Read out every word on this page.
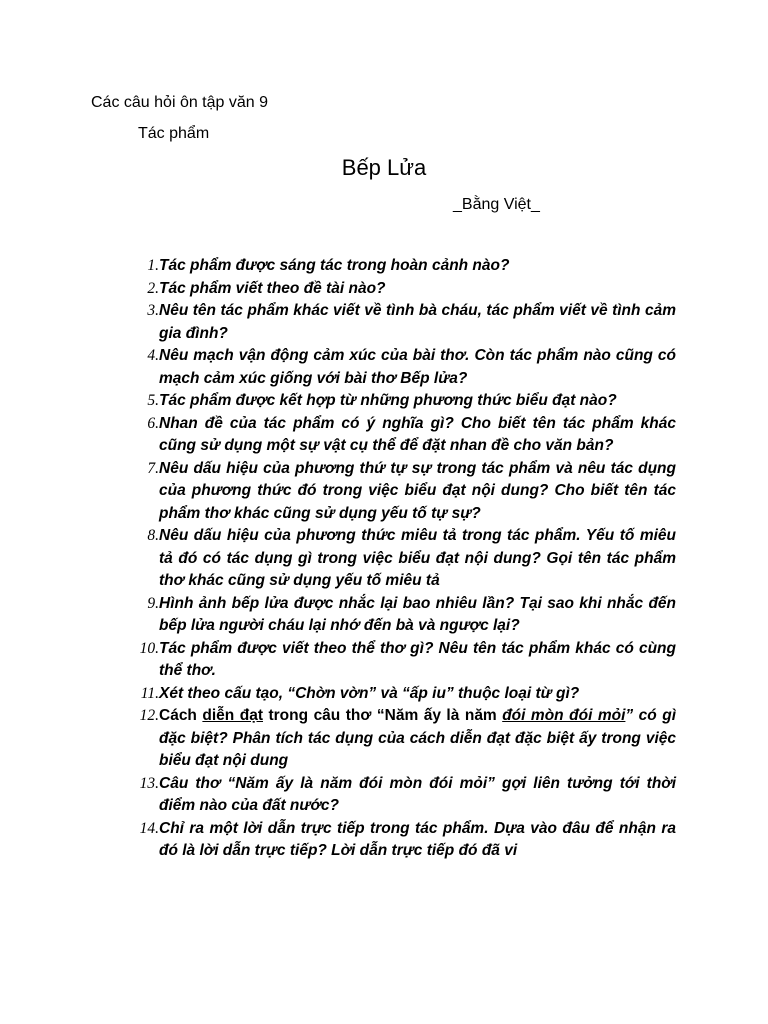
Các câu hỏi ôn tập văn 9
Tác phẩm
Bếp Lửa
_Bằng Việt_
1. Tác phẩm được sáng tác trong hoàn cảnh nào?
2. Tác phẩm viết theo đề tài nào?
3. Nêu tên tác phẩm khác viết về tình bà cháu, tác phẩm viết về tình cảm gia đình?
4. Nêu mạch vận động cảm xúc của bài thơ. Còn tác phẩm nào cũng có mạch cảm xúc giống với bài thơ Bếp lửa?
5. Tác phẩm được kết hợp từ những phương thức biểu đạt nào?
6. Nhan đề của tác phẩm có ý nghĩa gì? Cho biết tên tác phẩm khác cũng sử dụng một sự vật cụ thể để đặt nhan đề cho văn bản?
7. Nêu dấu hiệu của phương thứ tự sự trong tác phẩm và nêu tác dụng của phương thức đó trong việc biểu đạt nội dung? Cho biết tên tác phẩm thơ khác cũng sử dụng yếu tố tự sự?
8. Nêu dấu hiệu của phương thức miêu tả trong tác phẩm. Yếu tố miêu tả đó có tác dụng gì trong việc biểu đạt nội dung? Gọi tên tác phẩm thơ khác cũng sử dụng yếu tố miêu tả
9. Hình ảnh bếp lửa được nhắc lại bao nhiêu lần? Tại sao khi nhắc đến bếp lửa người cháu lại nhớ đến bà và ngược lại?
10. Tác phẩm được viết theo thể thơ gì? Nêu tên tác phẩm khác có cùng thể thơ.
11. Xét theo cấu tạo, “Chờn vờn” và “ấp iu” thuộc loại từ gì?
12. Cách diễn đạt trong câu thơ “Năm ấy là năm đói mòn đói mỏi” có gì đặc biệt? Phân tích tác dụng của cách diễn đạt đặc biệt ấy trong việc biểu đạt nội dung
13. Câu thơ “Năm ấy là năm đói mòn đói mỏi” gợi liên tưởng tới thời điểm nào của đất nước?
14. Chỉ ra một lời dẫn trực tiếp trong tác phẩm. Dựa vào đâu để nhận ra đó là lời dẫn trực tiếp? Lời dẫn trực tiếp đó đã vi
